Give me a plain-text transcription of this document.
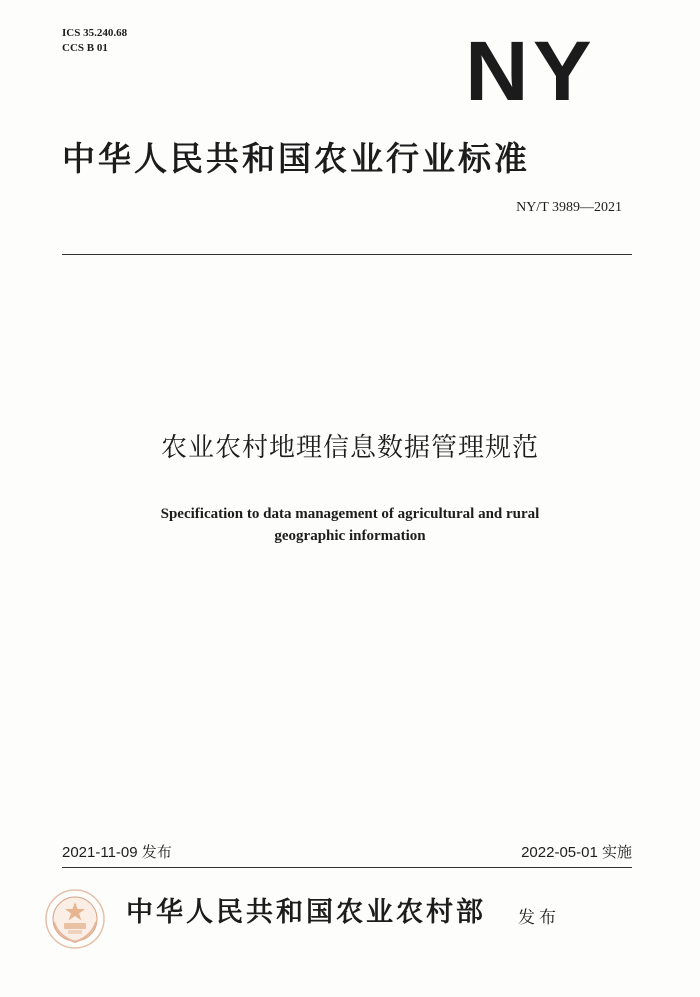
ICS 35.240.68
CCS B 01	NY
中华人民共和国农业行业标准
NY/T 3989—2021
农业农村地理信息数据管理规范
Specification to data management of agricultural and rural
geographic information
2021-11-09 发布	2022-05-01 实施
中华人民共和国农业农村部 发布
